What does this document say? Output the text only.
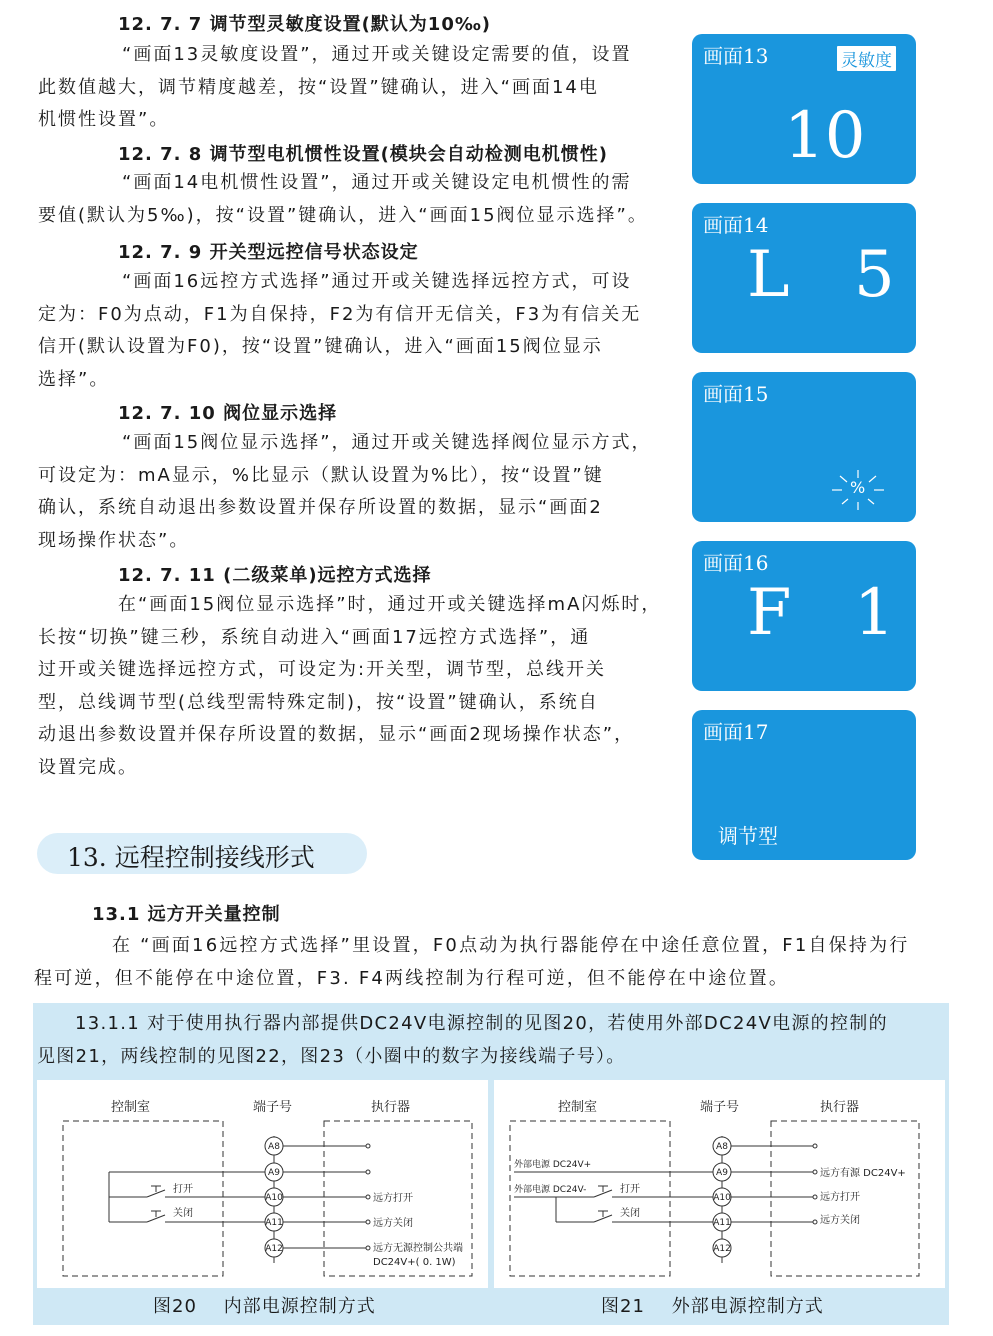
12. 7. 7 调节型灵敏度设置(默认为10‰)
“画面13灵敏度设置”，通过开或关键设定需要的值，设置
此数值越大，调节精度越差，按“设置”键确认，进入“画面14电
机惯性设置”。
12. 7. 8 调节型电机惯性设置(模块会自动检测电机惯性)
“画面14电机惯性设置”，通过开或关键设定电机惯性的需
要值(默认为5‰)，按“设置”键确认，进入“画面15阀位显示选择”。
12. 7. 9 开关型远控信号状态设定
“画面16远控方式选择”通过开或关键选择远控方式，可设
定为：F0为点动，F1为自保持，F2为有信开无信关，F3为有信关无
信开(默认设置为F0)，按“设置”键确认，进入“画面15阀位显示
选择”。
12. 7. 10 阀位显示选择
“画面15阀位显示选择”，通过开或关键选择阀位显示方式，
可设定为：mA显示，%比显示（默认设置为%比），按“设置”键
确认，系统自动退出参数设置并保存所设置的数据，显示“画面2
现场操作状态”。
12. 7. 11 (二级菜单)远控方式选择
在“画面15阀位显示选择”时，通过开或关键选择mA闪烁时，
长按“切换”键三秒，系统自动进入“画面17远控方式选择”，通
过开或关键选择远控方式，可设定为:开关型，调节型，总线开关
型，总线调节型(总线型需特殊定制)，按“设置”键确认，系统自
动退出参数设置并保存所设置的数据，显示“画面2现场操作状态”，
设置完成。
画面13	灵敏度
10
画面14
L 5
画面15
%
画面16
F 1
画面17
调节型
13. 远程控制接线形式
13.1 远方开关量控制
在 “画面16远控方式选择”里设置，F0点动为执行器能停在中途任意位置，F1自保持为行
程可逆，但不能停在中途位置，F3. F4两线控制为行程可逆，但不能停在中途位置。
13.1.1 对于使用执行器内部提供DC24V电源控制的见图20，若使用外部DC24V电源的控制的
见图21，两线控制的见图22，图23（小圈中的数字为接线端子号）。
控制室	端子号	执行器
A8
A9
A10
A11
A12
打开
关闭
远方打开
远方关闭
远方无源控制公共端
DC24V+( 0. 1W)
图20    内部电源控制方式
控制室	端子号	执行器
A8
A9
A10
A11
A12
外部电源 DC24V+
外部电源 DC24V-	打开
关闭
远方有源 DC24V+
远方打开
远方关闭
图21    外部电源控制方式
